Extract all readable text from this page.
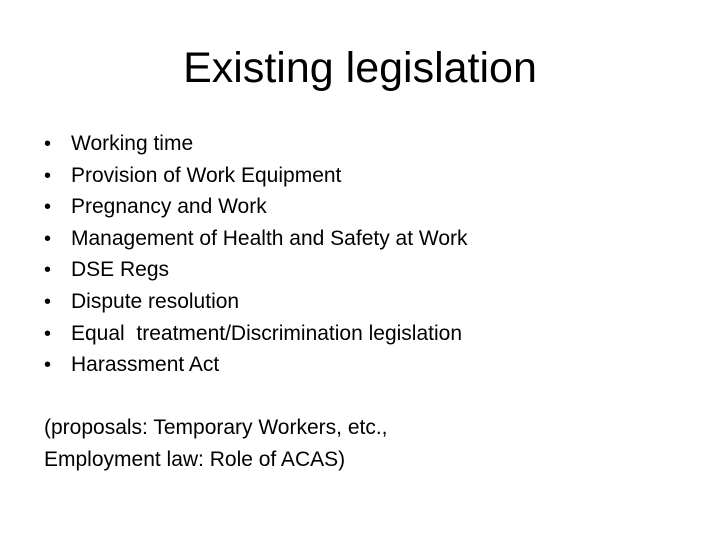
Existing legislation
• Working time
• Provision of Work Equipment
• Pregnancy and Work
• Management of Health and Safety at Work
• DSE Regs
• Dispute resolution
• Equal  treatment/Discrimination legislation
• Harassment Act

(proposals: Temporary Workers, etc.,
Employment law: Role of ACAS)
